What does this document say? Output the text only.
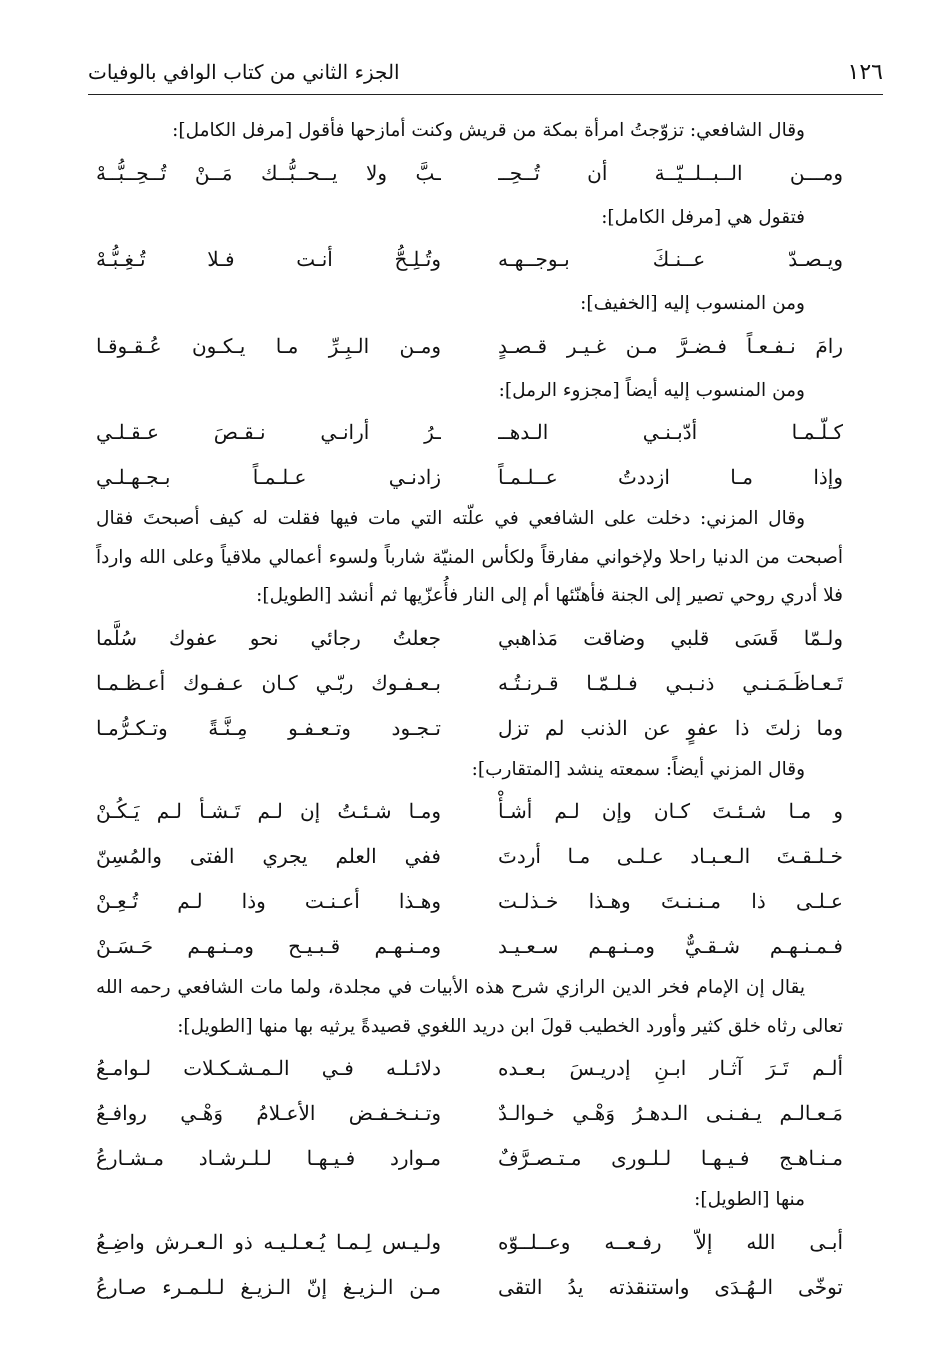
١٢٦
الجزء الثاني من كتاب الوافي بالوفيات
وقال الشافعي: تزوّجتُ امرأة بمكة من قريش وكنت أمازحها فأقول [مرفل الكامل]:
ومـــن الــبــلــيّــة أن تُــحِــ
ـبَّ ولا يــحــبُّــك مَــنْ تُــحِــبُّــهْ
فتقول هي [مرفل الكامل]:
ويـصـدّ عــنـكَ بـوجــهـه
وتُـلِـحُّ أنـت فـلا تُـغِـبُّـهْ
ومن المنسوب إليه [الخفيف]:
رامَ نـفـعـاً فـضـرَّ مـن غـيـر قـصـدٍ
ومـن الـبِـرِّ مـا يـكـون عُـقـوقـا
ومن المنسوب إليه أيضاً [مجزوء الرمل]:
كـلّـمـا أدّبـنـي الـدهــ
ـرُ أرانـي نـقـصَ عـقـلـي
وإذا مـا ازددتُ عــلـمـاً
زادنـي عـلـمـاً بـجـهـلـي
وقال المزني: دخلت على الشافعي في علّته التي مات فيها فقلت له كيف أصبحتَ فقال أصبحت من الدنيا راحلا ولإخواني مفارقاً ولكأس المنيّة شارباً ولسوء أعمالي ملاقياً وعلى الله وارداً فلا أدري روحي تصير إلى الجنة فأهنّئها أم إلى النار فأُعزّيها ثم أنشد [الطويل]:
ولـمّا قَسَى قلبي وضاقت مَذاهبي
جعلتُ رجائي نحو عفوك سُلَّما
تَـعـاظَـمَـنـي ذنـبـي فـلـمّـا قـرنـتُـه
بـعـفـوك ربّـي كـان عـفـوك أعـظـمـا
وما زلتَ ذا عفوٍ عن الذنب لم تزل
تـجـود وتـعـفـو مِـنَّـةً وتـكـرُّمـا
وقال المزني أيضاً: سمعته ينشد [المتقارب]:
و مـا شـئـتَ كـان وإن لـم أشـأْ
ومـا شـئـتُ إن لـم تَـشـأ لـم يَـكُـنْ
خـلـقـتَ الـعـبـاد عـلـى مـا أردتَ
ففي العلم يجري الفتى والمُسِنّ
عـلـى ذا مـنـنـتَ وهـذا خـذلـت
وهـذا أعـنـت وذا لـم تُـعِـنْ
فـمـنـهـم شـقـيٌّ ومـنـهـم سـعـيـد
ومـنـهـم قـبـيـح ومـنـهـم حَـسَـنْ
يقال إن الإمام فخر الدين الرازي شرح هذه الأبيات في مجلدة، ولما مات الشافعي رحمه الله تعالى رثاه خلق كثير وأورد الخطيب قولَ ابن دريد اللغوي قصيدةً يرثيه بها منها [الطويل]:
ألـم تَـرَ آثـار ابـنِ إدريـسَ بـعـده
دلائـلـه فـي الـمـشـكـلات لـوامـعُ
مَـعـالـم يـفـنـى الـدهـرُ وَهْـي خـوالـدٌ
وتـنـخـفـض الأعـلامُ وَهْـي روافـعُ
مـنـاهـج فـيـهـا لـلـورى مـتـصـرَّفٌ
مـوارد فـيـهـا لـلـرشـاد مـشـارعُ
منها [الطويل]:
أبـى الله إلاّ رفـعــه وعــلــوّه
ولـيـس لِـمـا يُـعـلـيـه ذو الـعـرش واضِـعُ
توخّى الـهُـدَى واستنقذته يدُ التقى
مـن الـزيـغ إنّ الـزيـغ لـلـمـرء صـارعُ
